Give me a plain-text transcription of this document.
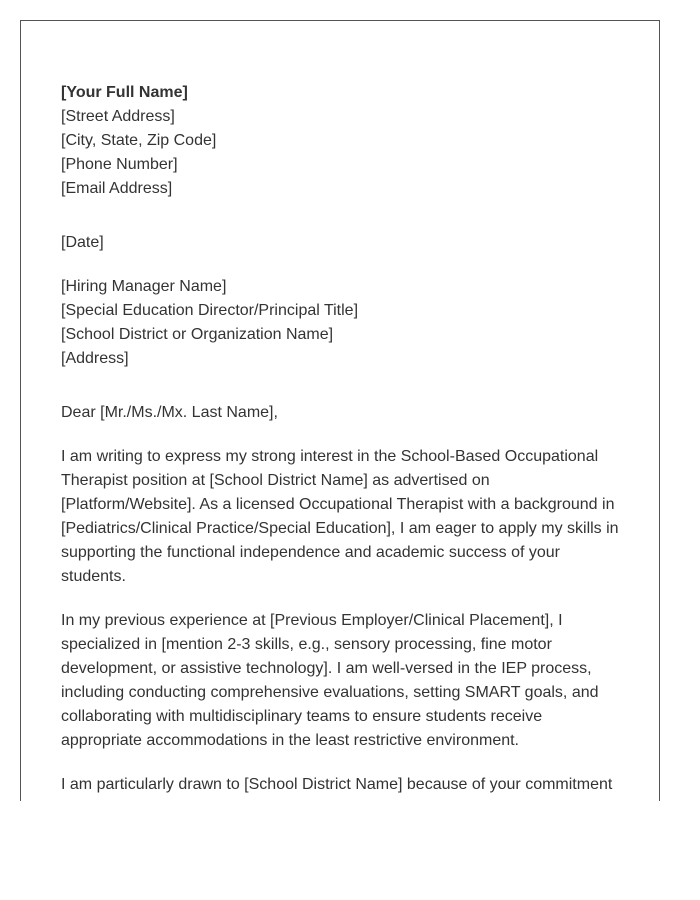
[Your Full Name]
[Street Address]
[City, State, Zip Code]
[Phone Number]
[Email Address]
[Date]
[Hiring Manager Name]
[Special Education Director/Principal Title]
[School District or Organization Name]
[Address]
Dear [Mr./Ms./Mx. Last Name],

I am writing to express my strong interest in the School-Based Occupational Therapist position at [School District Name] as advertised on [Platform/Website]. As a licensed Occupational Therapist with a background in [Pediatrics/Clinical Practice/Special Education], I am eager to apply my skills in supporting the functional independence and academic success of your students.

In my previous experience at [Previous Employer/Clinical Placement], I specialized in [mention 2-3 skills, e.g., sensory processing, fine motor development, or assistive technology]. I am well-versed in the IEP process, including conducting comprehensive evaluations, setting SMART goals, and collaborating with multidisciplinary teams to ensure students receive appropriate accommodations in the least restrictive environment.

I am particularly drawn to [School District Name] because of your commitment
